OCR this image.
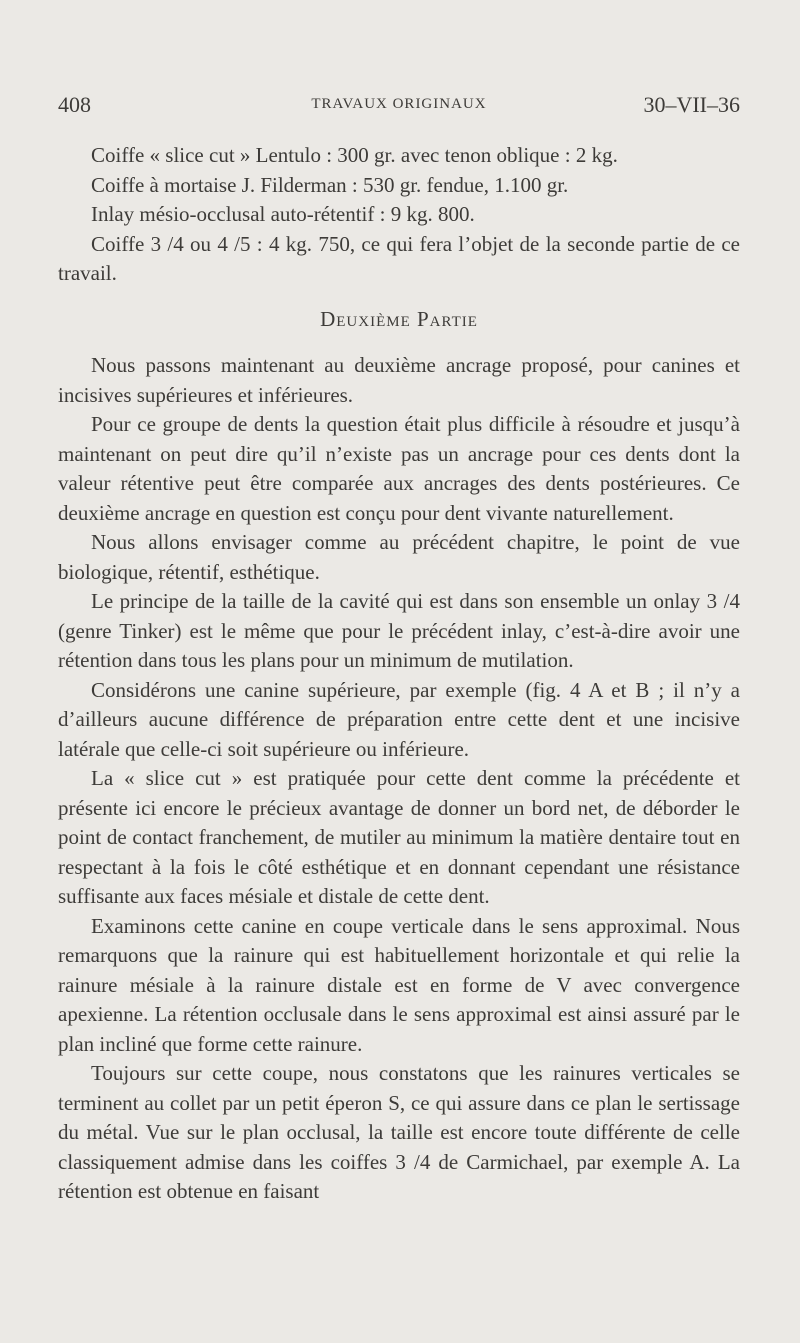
408	TRAVAUX ORIGINAUX	30–VII–36

Coiffe « slice cut » Lentulo : 300 gr. avec tenon oblique : 2 kg.

Coiffe à mortaise J. Filderman : 530 gr. fendue, 1.100 gr.

Inlay mésio-occlusal auto-rétentif : 9 kg. 800.

Coiffe 3 /4 ou 4 /5 : 4 kg. 750, ce qui fera l’objet de la seconde partie de ce travail.

Deuxième Partie

Nous passons maintenant au deuxième ancrage proposé, pour canines et incisives supérieures et inférieures.

Pour ce groupe de dents la question était plus difficile à résoudre et jusqu’à maintenant on peut dire qu’il n’existe pas un ancrage pour ces dents dont la valeur rétentive peut être comparée aux ancrages des dents postérieures. Ce deuxième ancrage en question est conçu pour dent vivante naturellement.

Nous allons envisager comme au précédent chapitre, le point de vue biologique, rétentif, esthétique.

Le principe de la taille de la cavité qui est dans son ensemble un onlay 3 /4 (genre Tinker) est le même que pour le précédent inlay, c’est-à-dire avoir une rétention dans tous les plans pour un minimum de mutilation.

Considérons une canine supérieure, par exemple (fig. 4 A et B ; il n’y a d’ailleurs aucune différence de préparation entre cette dent et une incisive latérale que celle-ci soit supérieure ou inférieure.

La « slice cut » est pratiquée pour cette dent comme la précédente et présente ici encore le précieux avantage de donner un bord net, de déborder le point de contact franchement, de mutiler au minimum la matière dentaire tout en respectant à la fois le côté esthétique et en donnant cependant une résistance suffisante aux faces mésiale et distale de cette dent.

Examinons cette canine en coupe verticale dans le sens approximal. Nous remarquons que la rainure qui est habituellement horizontale et qui relie la rainure mésiale à la rainure distale est en forme de V avec convergence apexienne. La rétention occlusale dans le sens approximal est ainsi assuré par le plan incliné que forme cette rainure.

Toujours sur cette coupe, nous constatons que les rainures verticales se terminent au collet par un petit éperon S, ce qui assure dans ce plan le sertissage du métal. Vue sur le plan occlusal, la taille est encore toute différente de celle classiquement admise dans les coiffes 3 /4 de Carmichael, par exemple A. La rétention est obtenue en faisant
